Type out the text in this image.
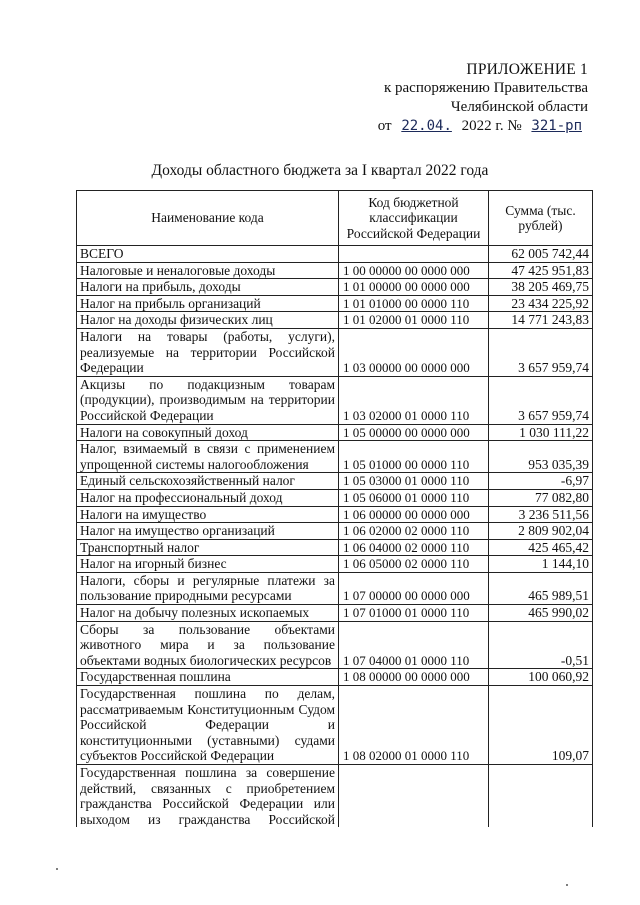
ПРИЛОЖЕНИЕ 1
к распоряжению Правительства
Челябинской области
от 22.04. 2022 г. № 321-рп
Доходы областного бюджета за I квартал 2022 года
Наименование кода	Код бюджетной классификации Российской Федерации	Сумма (тыс. рублей)
ВСЕГО		62 005 742,44
Налоговые и неналоговые доходы	1 00 00000 00 0000 000	47 425 951,83
Налоги на прибыль, доходы	1 01 00000 00 0000 000	38 205 469,75
Налог на прибыль организаций	1 01 01000 00 0000 110	23 434 225,92
Налог на доходы физических лиц	1 01 02000 01 0000 110	14 771 243,83
Налоги на товары (работы, услуги), реализуемые на территории Российской Федерации	1 03 00000 00 0000 000	3 657 959,74
Акцизы по подакцизным товарам (продукции), производимым на территории Российской Федерации	1 03 02000 01 0000 110	3 657 959,74
Налоги на совокупный доход	1 05 00000 00 0000 000	1 030 111,22
Налог, взимаемый в связи с применением упрощенной системы налогообложения	1 05 01000 00 0000 110	953 035,39
Единый сельскохозяйственный налог	1 05 03000 01 0000 110	-6,97
Налог на профессиональный доход	1 05 06000 01 0000 110	77 082,80
Налоги на имущество	1 06 00000 00 0000 000	3 236 511,56
Налог на имущество организаций	1 06 02000 02 0000 110	2 809 902,04
Транспортный налог	1 06 04000 02 0000 110	425 465,42
Налог на игорный бизнес	1 06 05000 02 0000 110	1 144,10
Налоги, сборы и регулярные платежи за пользование природными ресурсами	1 07 00000 00 0000 000	465 989,51
Налог на добычу полезных ископаемых	1 07 01000 01 0000 110	465 990,02
Сборы за пользование объектами животного мира и за пользование объектами водных биологических ресурсов	1 07 04000 01 0000 110	-0,51
Государственная пошлина	1 08 00000 00 0000 000	100 060,92
Государственная пошлина по делам, рассматриваемым Конституционным Судом Российской Федерации и конституционными (уставными) судами субъектов Российской Федерации	1 08 02000 01 0000 110	109,07
Государственная пошлина за совершение действий, связанных с приобретением гражданства Российской Федерации или выходом из гражданства Российской		
